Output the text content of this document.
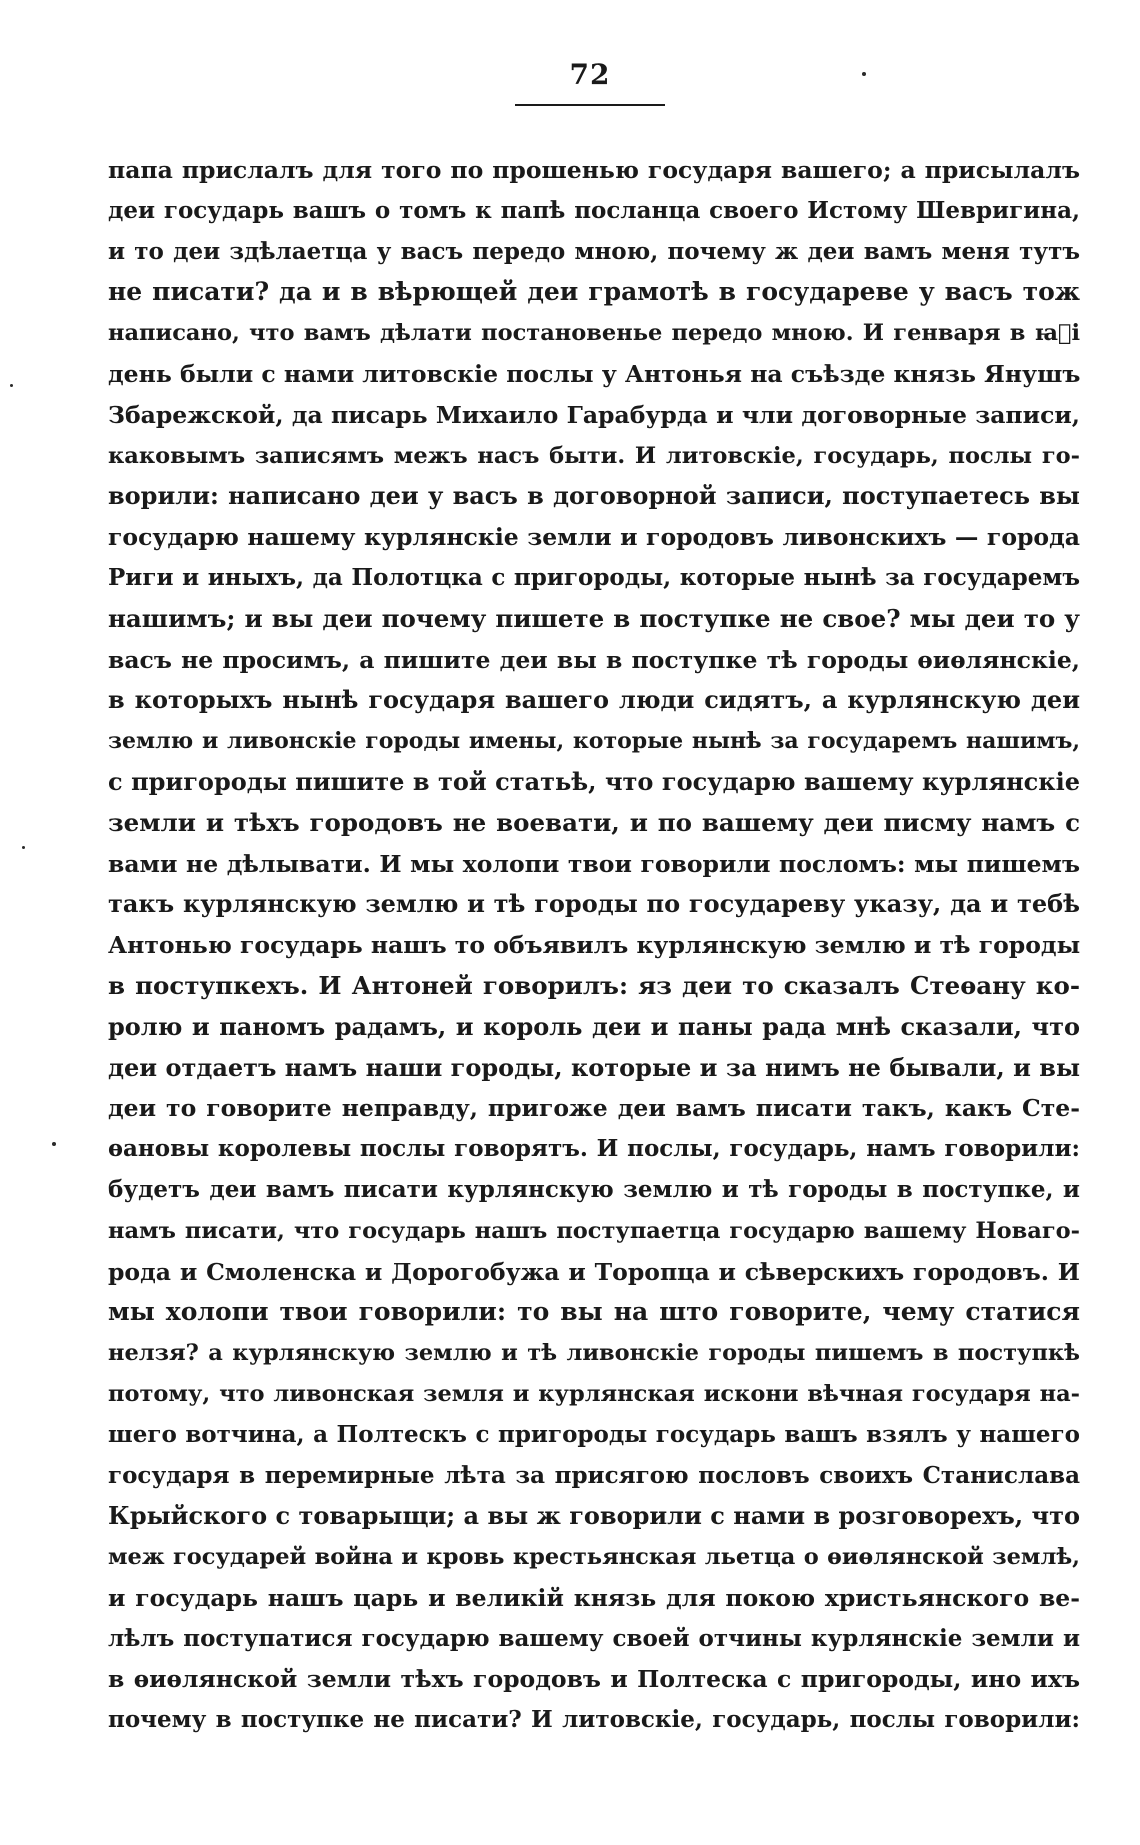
72
папа прислалъ для того по прошенью государя вашего; а присылалъ
деи государь вашъ о томъ к папѣ посланца своего Истому Шевригина,
и то деи здѣлаетца у васъ передо мною, почему ж деи вамъ меня тутъ
не писати? да и в вѣрющей деи грамотѣ в государеве у васъ тож
написано, что вамъ дѣлати постановенье передо мною. И генваря в ꙗ҃і
день были с нами литовскіе послы у Антонья на съѣзде князь Янушъ
Збарежской, да писарь Михаило Гарабурда и чли договорные записи,
каковымъ записямъ межъ насъ быти. И литовскіе, государь, послы го-
ворили: написано деи у васъ в договорной записи, поступаетесь вы
государю нашему курлянскіе земли и городовъ ливонскихъ — города
Риги и иныхъ, да Полотцка с пригороды, которые нынѣ за государемъ
нашимъ; и вы деи почему пишете в поступке не свое? мы деи то у
васъ не просимъ, а пишите деи вы в поступке тѣ городы ѳиѳлянскіе,
в которыхъ нынѣ государя вашего люди сидятъ, а курлянскую деи
землю и ливонскіе городы имены, которые нынѣ за государемъ нашимъ,
с пригороды пишите в той статьѣ, что государю вашему курлянскіе
земли и тѣхъ городовъ не воевати, и по вашему деи писму намъ с
вами не дѣлывати. И мы холопи твои говорили посломъ: мы пишемъ
такъ курлянскую землю и тѣ городы по государеву указу, да и тебѣ
Антонью государь нашъ то объявилъ курлянскую землю и тѣ городы
в поступкехъ. И Антоней говорилъ: яз деи то сказалъ Стеѳану ко-
ролю и паномъ радамъ, и король деи и паны рада мнѣ сказали, что
деи отдаетъ намъ наши городы, которые и за нимъ не бывали, и вы
деи то говорите неправду, пригоже деи вамъ писати такъ, какъ Сте-
ѳановы королевы послы говорятъ. И послы, государь, намъ говорили:
будетъ деи вамъ писати курлянскую землю и тѣ городы в поступке, и
намъ писати, что государь нашъ поступаетца государю вашему Новаго-
рода и Смоленска и Дорогобужа и Торопца и сѣверскихъ городовъ. И
мы холопи твои говорили: то вы на што говорите, чему статися
нелзя? а курлянскую землю и тѣ ливонскіе городы пишемъ в поступкѣ
потому, что ливонская земля и курлянская искони вѣчная государя на-
шего вотчина, а Полтескъ с пригороды государь вашъ взялъ у нашего
государя в перемирные лѣта за присягою пословъ своихъ Станислава
Крыйского с товарыщи; а вы ж говорили с нами в розговорехъ, что
меж государей война и кровь крестьянская льетца о ѳиѳлянской землѣ,
и государь нашъ царь и великій князь для покою христьянского ве-
лѣлъ поступатися государю вашему своей отчины курлянскіе земли и
в ѳиѳлянской земли тѣхъ городовъ и Полтеска с пригороды, ино ихъ
почему в поступке не писати? И литовскіе, государь, послы говорили:
